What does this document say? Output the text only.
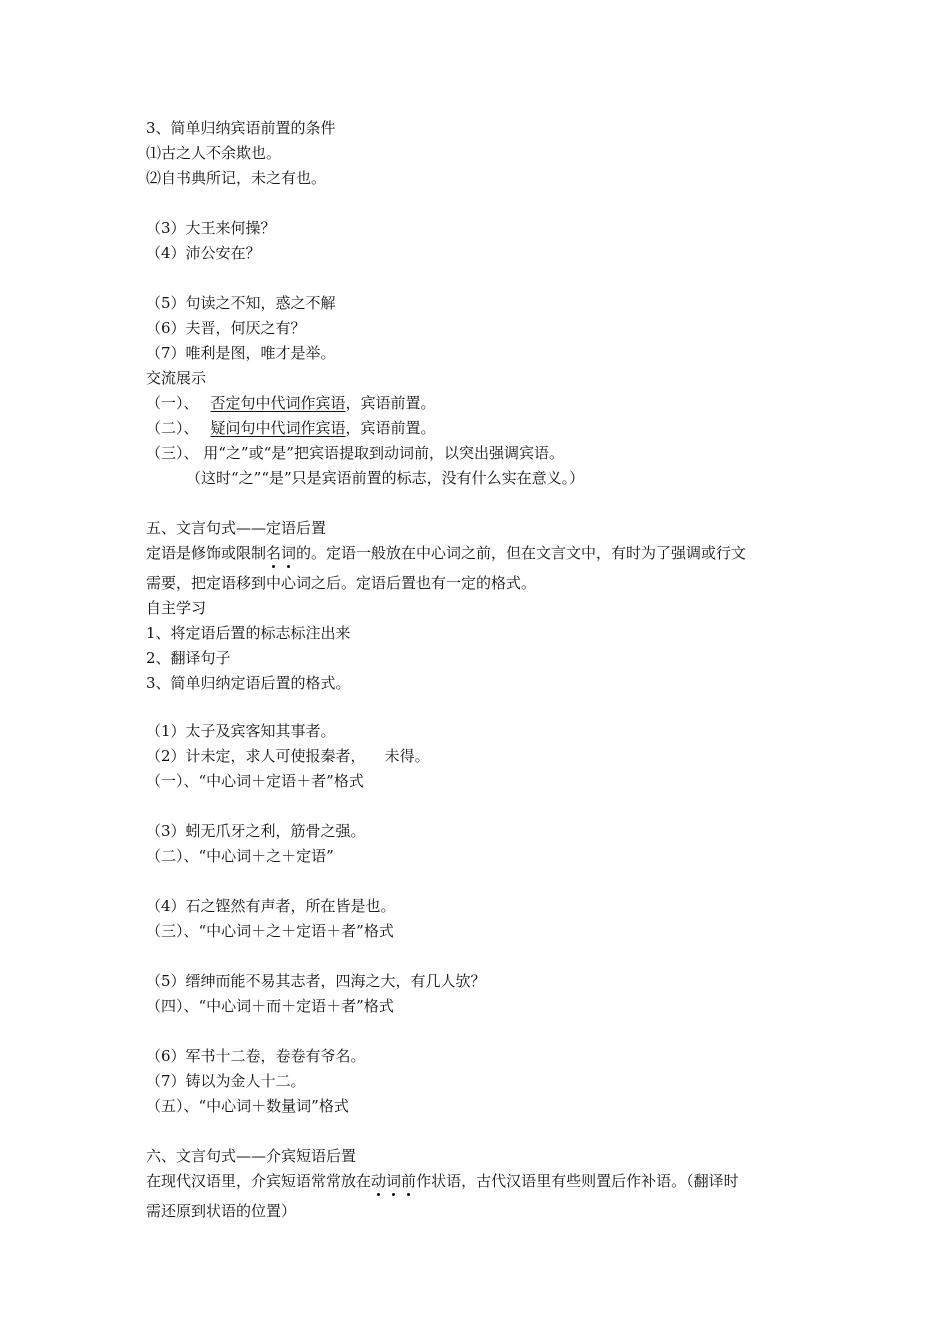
3、简单归纳宾语前置的条件
⑴古之人不余欺也。
⑵自书典所记，未之有也。
（3）大王来何操？
（4）沛公安在？
（5）句读之不知，惑之不解
（6）夫晋，何厌之有？
（7）唯利是图，唯才是举。
交流展示
（一）、 否定句中代词作宾语，宾语前置。
（二）、 疑问句中代词作宾语，宾语前置。
（三）、 用“之”或“是”把宾语提取到动词前，以突出强调宾语。
（这时“之”“是”只是宾语前置的标志，没有什么实在意义。）
五、文言句式——定语后置
定语是修饰或限制名词的。定语一般放在中心词之前，但在文言文中，有时为了强调或行文
需要，把定语移到中心词之后。定语后置也有一定的格式。
自主学习
1、将定语后置的标志标注出来
2、翻译句子
3、简单归纳定语后置的格式。
（1）太子及宾客知其事者。
（2）计未定，求人可使报秦者，    未得。
（一）、“中心词＋定语＋者”格式
（3）蚓无爪牙之利，筋骨之强。
（二）、“中心词＋之＋定语”
（4）石之铿然有声者，所在皆是也。
（三）、“中心词＋之＋定语＋者”格式
（5）缙绅而能不易其志者，四海之大，有几人欤？
（四）、“中心词＋而＋定语＋者”格式
（6）军书十二卷，卷卷有爷名。
（7）铸以为金人十二。
（五）、“中心词＋数量词”格式
六、文言句式——介宾短语后置
在现代汉语里，介宾短语常常放在动词前作状语，古代汉语里有些则置后作补语。（翻译时
需还原到状语的位置）
